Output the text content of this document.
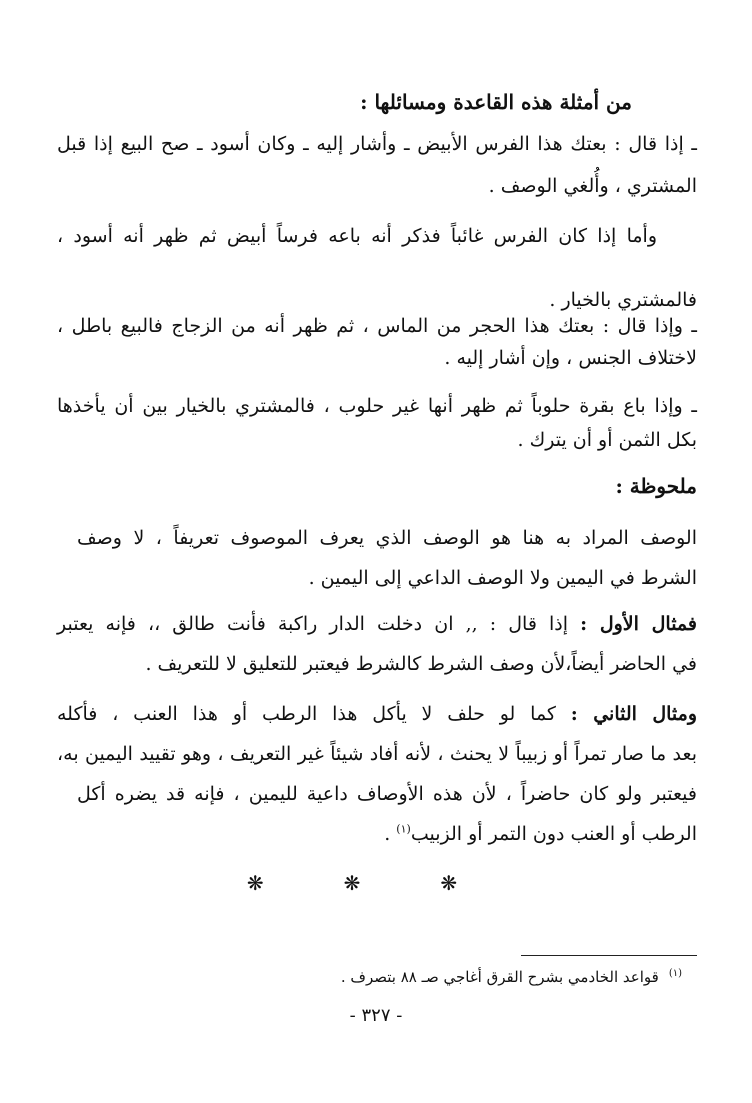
من أمثلة هذه القاعدة ومسائلها :
ـ إذا قال : بعتك هذا الفرس الأبيض ـ وأشار إليه ـ وكان أسود ـ صح البيع إذا قبل
المشتري ، وأُلغي الوصف .
وأما إذا كان الفرس غائباً فذكر أنه باعه فرساً أبيض ثم ظهر أنه أسود ،
فالمشتري بالخيار .
ـ وإذا قال : بعتك هذا الحجر من الماس ، ثم ظهر أنه من الزجاج فالبيع باطل ،
لاختلاف الجنس ، وإن أشار إليه .
ـ وإذا باع بقرة حلوباً ثم ظهر أنها غير حلوب ، فالمشتري بالخيار بين أن يأخذها
بكل الثمن أو أن يترك .
ملحوظة :
الوصف المراد به هنا هو الوصف الذي يعرف الموصوف تعريفاً ، لا وصف
الشرط في اليمين ولا الوصف الداعي إلى اليمين .
فمثال الأول : إذا قال : ,, ان دخلت الدار راكبة فأنت طالق ،، فإنه يعتبر
في الحاضر أيضاً،لأن وصف الشرط كالشرط فيعتبر للتعليق لا للتعريف .
ومثال الثاني : كما لو حلف لا يأكل هذا الرطب أو هذا العنب ، فأكله
بعد ما صار تمراً أو زبيباً لا يحنث ، لأنه أفاد شيئاً غير التعريف ، وهو تقييد اليمين به،
فيعتبر ولو كان حاضراً ، لأن هذه الأوصاف داعية لليمين ، فإنه قد يضره أكل
الرطب أو العنب دون التمر أو الزبيب$^{(١)}$ .
❋ ❋ ❋
$^{(١)}$قواعد الخادمي بشرح القرق أغاجي صـ ٨٨ بتصرف .
- ٣٢٧ -
